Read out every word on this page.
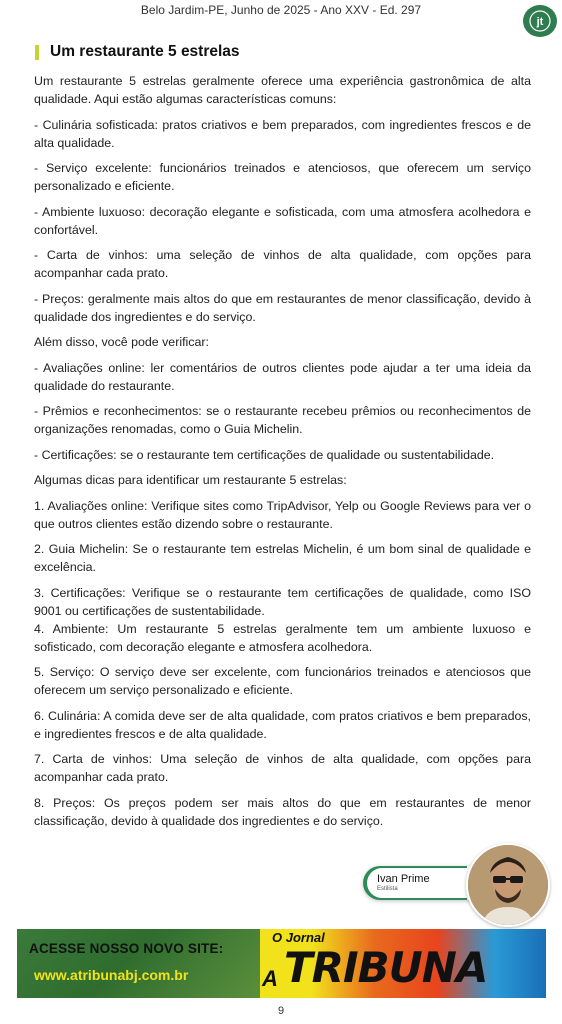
Belo Jardim-PE, Junho de 2025 - Ano XXV - Ed. 297
jt
Um restaurante 5 estrelas

Um restaurante 5 estrelas geralmente oferece uma experiência gastronômica de alta qualidade. Aqui estão algumas características comuns:

- Culinária sofisticada: pratos criativos e bem preparados, com ingredientes frescos e de alta qualidade.

- Serviço excelente: funcionários treinados e atenciosos, que oferecem um serviço personalizado e eficiente.

- Ambiente luxuoso: decoração elegante e sofisticada, com uma atmosfera acolhedora e confortável.

- Carta de vinhos: uma seleção de vinhos de alta qualidade, com opções para acompanhar cada prato.

- Preços: geralmente mais altos do que em restaurantes de menor classificação, devido à qualidade dos ingredientes e do serviço.

Além disso, você pode verificar:

- Avaliações online: ler comentários de outros clientes pode ajudar a ter uma ideia da qualidade do restaurante.

- Prêmios e reconhecimentos: se o restaurante recebeu prêmios ou reconhecimentos de organizações renomadas, como o Guia Michelin.

- Certificações: se o restaurante tem certificações de qualidade ou sustentabilidade.

Algumas dicas para identificar um restaurante 5 estrelas:

1. Avaliações online: Verifique sites como TripAdvisor, Yelp ou Google Reviews para ver o que outros clientes estão dizendo sobre o restaurante.

2. Guia Michelin: Se o restaurante tem estrelas Michelin, é um bom sinal de qualidade e excelência.

3. Certificações: Verifique se o restaurante tem certificações de qualidade, como ISO 9001 ou certificações de sustentabilidade.

4. Ambiente: Um restaurante 5 estrelas geralmente tem um ambiente luxuoso e sofisticado, com decoração elegante e atmosfera acolhedora.

5. Serviço: O serviço deve ser excelente, com funcionários treinados e atenciosos que oferecem um serviço personalizado e eficiente.

6. Culinária: A comida deve ser de alta qualidade, com pratos criativos e bem preparados, e ingredientes frescos e de alta qualidade.

7. Carta de vinhos: Uma seleção de vinhos de alta qualidade, com opções para acompanhar cada prato.

8. Preços: Os preços podem ser mais altos do que em restaurantes de menor classificação, devido à qualidade dos ingredientes e do serviço.

Ivan Prime
Estilista
ACESSE NOSSO NOVO SITE:
www.atribunabj.com.br
O Jornal
A TRIBUNA
9
